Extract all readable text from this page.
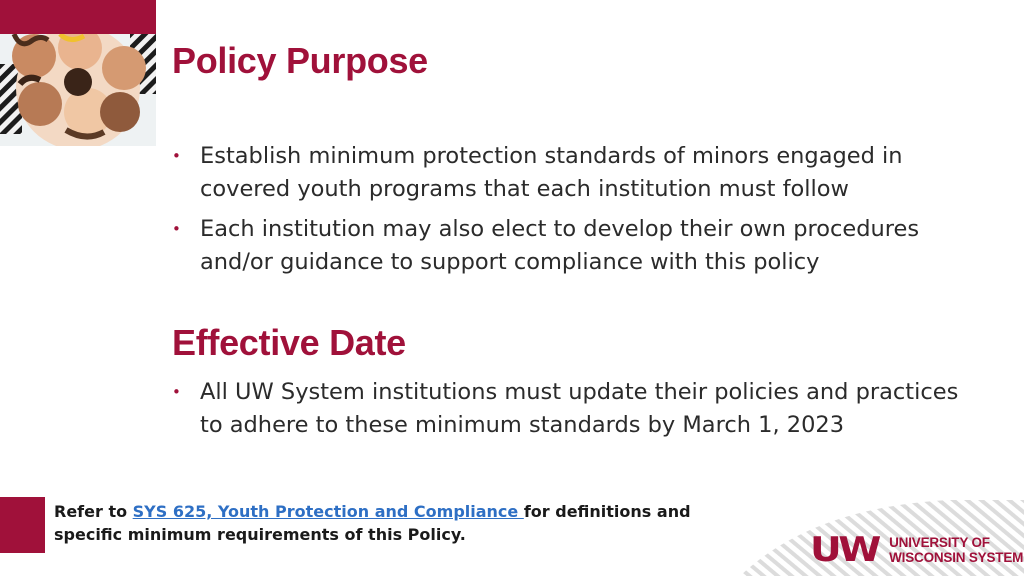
Policy Purpose
• Establish minimum protection standards of minors engaged in covered youth programs that each institution must follow
• Each institution may also elect to develop their own procedures and/or guidance to support compliance with this policy
Effective Date
• All UW System institutions must update their policies and practices to adhere to these minimum standards by March 1, 2023
Refer to SYS 625, Youth Protection and Compliance for definitions and specific minimum requirements of this Policy.	UW UNIVERSITY OF
WISCONSIN SYSTEM
